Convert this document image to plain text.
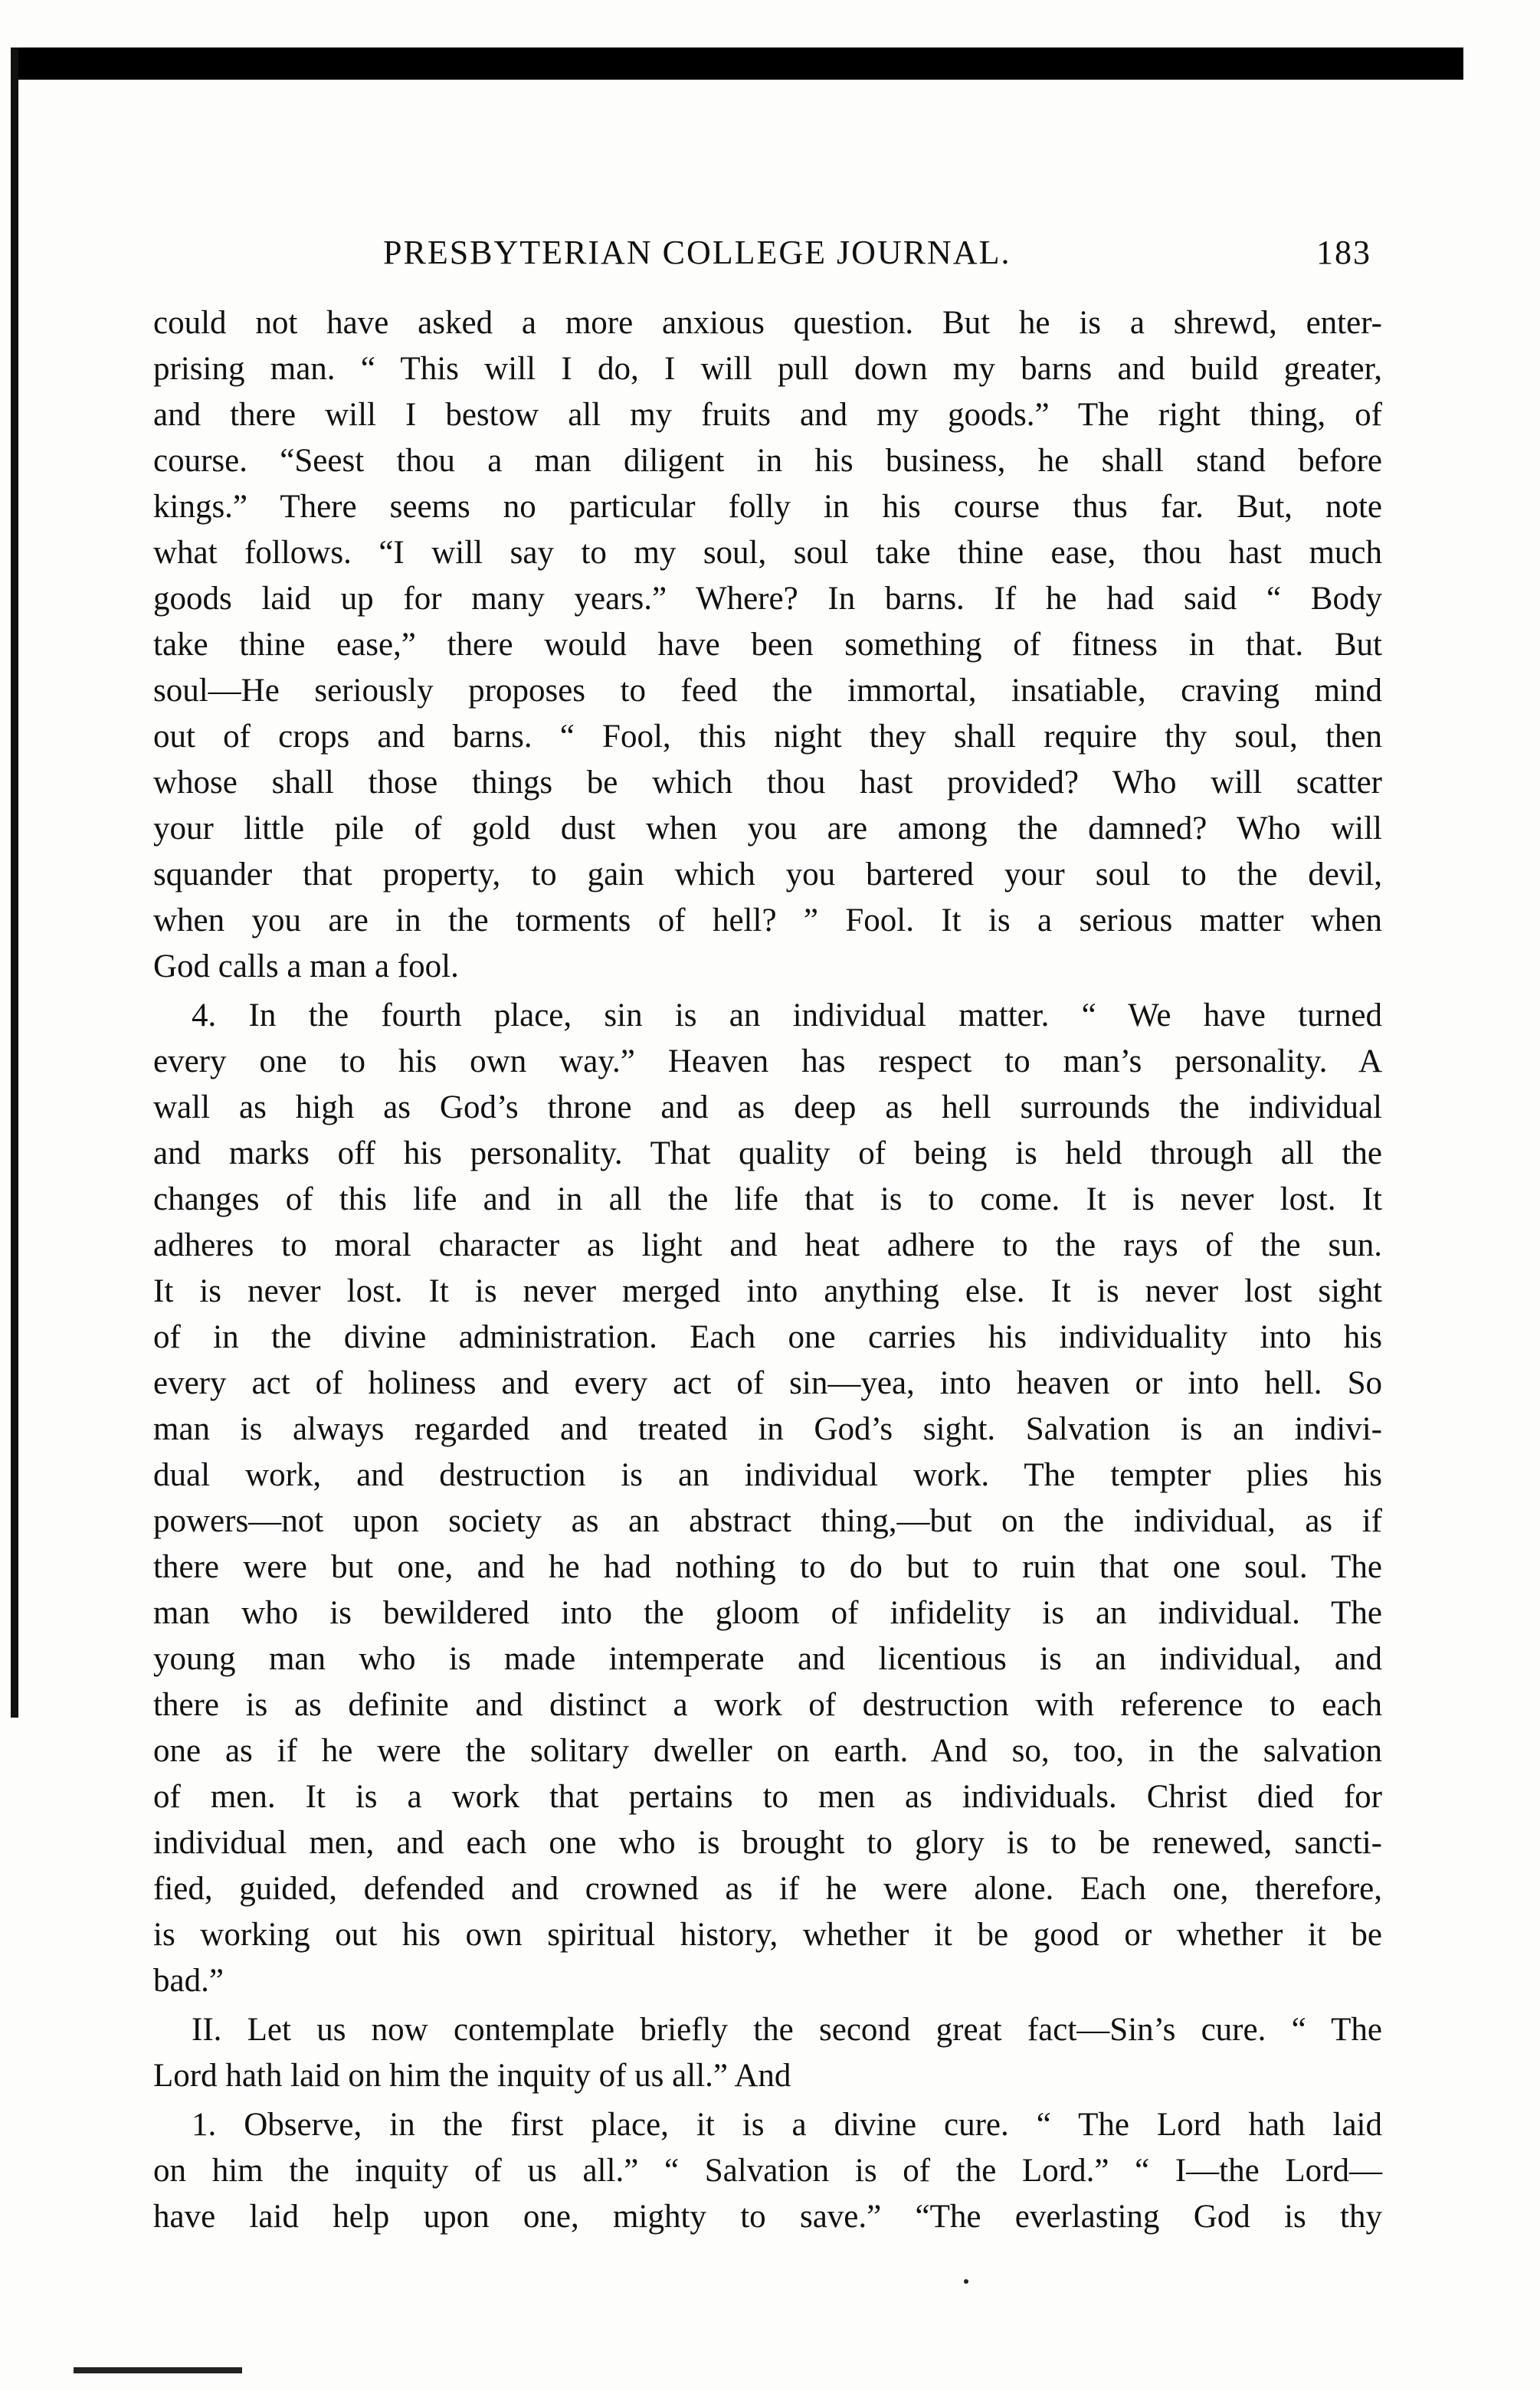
PRESBYTERIAN COLLEGE JOURNAL.	183

could not have asked a more anxious question. But he is a shrewd, enter-
prising man. “ This will I do, I will pull down my barns and build greater,
and there will I bestow all my fruits and my goods.” The right thing, of
course. “Seest thou a man diligent in his business, he shall stand before
kings.” There seems no particular folly in his course thus far. But, note
what follows. “I will say to my soul, soul take thine ease, thou hast much
goods laid up for many years.” Where? In barns. If he had said “ Body
take thine ease,” there would have been something of fitness in that. But
soul—He seriously proposes to feed the immortal, insatiable, craving mind
out of crops and barns. “ Fool, this night they shall require thy soul, then
whose shall those things be which thou hast provided? Who will scatter
your little pile of gold dust when you are among the damned? Who will
squander that property, to gain which you bartered your soul to the devil,
when you are in the torments of hell? ” Fool. It is a serious matter when
God calls a man a fool.

4. In the fourth place, sin is an individual matter. “ We have turned
every one to his own way.” Heaven has respect to man’s personality. A
wall as high as God’s throne and as deep as hell surrounds the individual
and marks off his personality. That quality of being is held through all the
changes of this life and in all the life that is to come. It is never lost. It
adheres to moral character as light and heat adhere to the rays of the sun.
It is never lost. It is never merged into anything else. It is never lost sight
of in the divine administration. Each one carries his individuality into his
every act of holiness and every act of sin—yea, into heaven or into hell. So
man is always regarded and treated in God’s sight. Salvation is an indivi-
dual work, and destruction is an individual work. The tempter plies his
powers—not upon society as an abstract thing,—but on the individual, as if
there were but one, and he had nothing to do but to ruin that one soul. The
man who is bewildered into the gloom of infidelity is an individual. The
young man who is made intemperate and licentious is an individual, and
there is as definite and distinct a work of destruction with reference to each
one as if he were the solitary dweller on earth. And so, too, in the salvation
of men. It is a work that pertains to men as individuals. Christ died for
individual men, and each one who is brought to glory is to be renewed, sancti-
fied, guided, defended and crowned as if he were alone. Each one, therefore,
is working out his own spiritual history, whether it be good or whether it be
bad.”

II. Let us now contemplate briefly the second great fact—Sin’s cure. “ The
Lord hath laid on him the inquity of us all.” And

1. Observe, in the first place, it is a divine cure. “ The Lord hath laid
on him the inquity of us all.” “ Salvation is of the Lord.” “ I—the Lord—
have laid help upon one, mighty to save.” “The everlasting God is thy
